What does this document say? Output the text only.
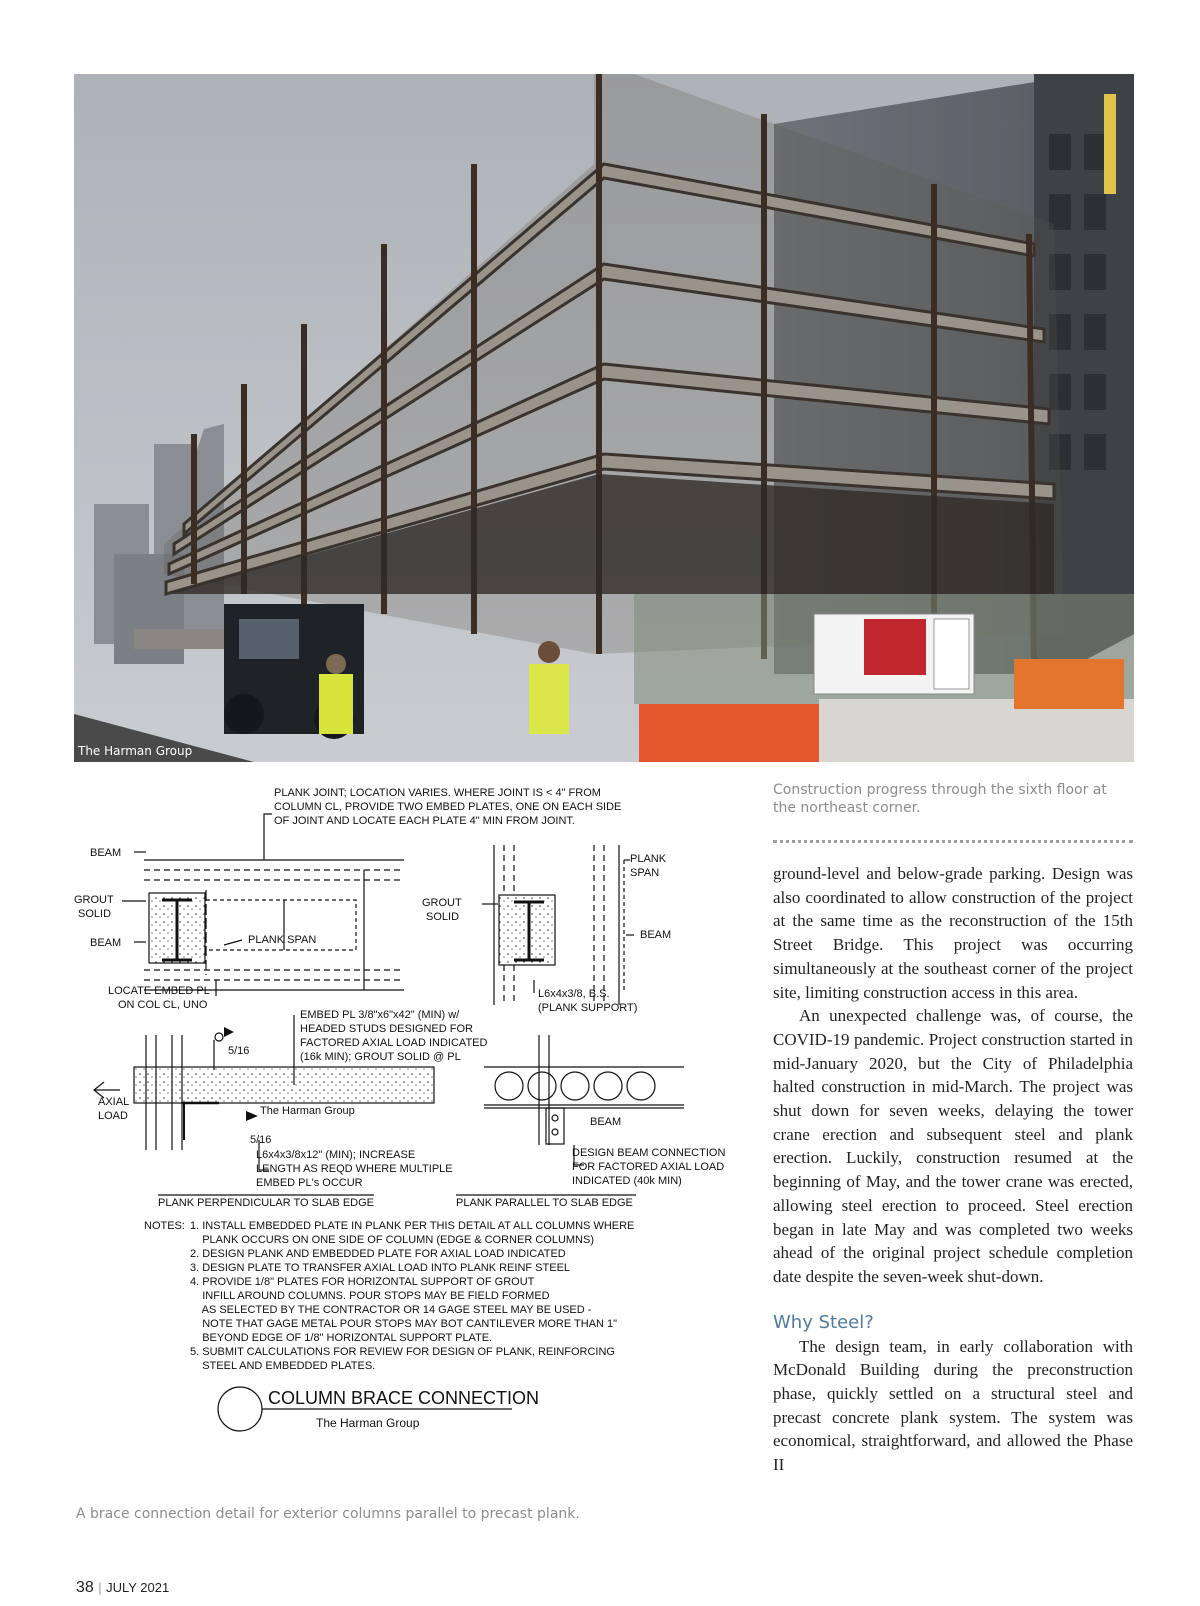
The Harman Group
Construction progress through the sixth floor at the northeast corner.
PLANK JOINT; LOCATION VARIES. WHERE JOINT IS < 4" FROM
COLUMN CL, PROVIDE TWO EMBED PLATES, ONE ON EACH SIDE
OF JOINT AND LOCATE EACH PLATE 4" MIN FROM JOINT.
BEAM
GROUT
SOLID
BEAM	PLANK SPAN
LOCATE EMBED PL
ON COL CL, UNO
PLANK
SPAN
GROUT
SOLID
BEAM
L6x4x3/8, B.S.
(PLANK SUPPORT)
EMBED PL 3/8"x6"x42" (MIN) w/
HEADED STUDS DESIGNED FOR
FACTORED AXIAL LOAD INDICATED
(16k MIN); GROUT SOLID @ PL
5/16
AXIAL
LOAD	The Harman Group
5/16
BEAM
L6x4x3/8x12" (MIN); INCREASE
LENGTH AS REQD WHERE MULTIPLE
EMBED PL's OCCUR
DESIGN BEAM CONNECTION
FOR FACTORED AXIAL LOAD
INDICATED (40k MIN)
PLANK PERPENDICULAR TO SLAB EDGE	PLANK PARALLEL TO SLAB EDGE
NOTES: 1. INSTALL EMBEDDED PLATE IN PLANK PER THIS DETAIL AT ALL COLUMNS WHERE
PLANK OCCURS ON ONE SIDE OF COLUMN (EDGE & CORNER COLUMNS)
2. DESIGN PLANK AND EMBEDDED PLATE FOR AXIAL LOAD INDICATED
3. DESIGN PLATE TO TRANSFER AXIAL LOAD INTO PLANK REINF STEEL
4. PROVIDE 1/8" PLATES FOR HORIZONTAL SUPPORT OF GROUT
INFILL AROUND COLUMNS. POUR STOPS MAY BE FIELD FORMED
AS SELECTED BY THE CONTRACTOR OR 14 GAGE STEEL MAY BE USED -
NOTE THAT GAGE METAL POUR STOPS MAY BOT CANTILEVER MORE THAN 1"
BEYOND EDGE OF 1/8" HORIZONTAL SUPPORT PLATE.
5. SUBMIT CALCULATIONS FOR REVIEW FOR DESIGN OF PLANK, REINFORCING
STEEL AND EMBEDDED PLATES.
COLUMN BRACE CONNECTION
The Harman Group
A brace connection detail for exterior columns parallel to precast plank.

ground-level and below-grade parking. Design was also coordinated to allow construction of the project at the same time as the reconstruction of the 15th Street Bridge. This project was occurring simultaneously at the southeast corner of the project site, limiting construction access in this area.

An unexpected challenge was, of course, the COVID-19 pandemic. Project construction started in mid-January 2020, but the City of Philadelphia halted construction in mid-March. The project was shut down for seven weeks, delaying the tower crane erection and subsequent steel and plank erection. Luckily, construction resumed at the beginning of May, and the tower crane was erected, allowing steel erection to proceed. Steel erection began in late May and was completed two weeks ahead of the original project schedule completion date despite the seven-week shut-down.

Why Steel?

The design team, in early collaboration with McDonald Building during the preconstruction phase, quickly settled on a structural steel and precast concrete plank system. The system was economical, straightforward, and allowed the Phase II

38 | JULY 2021
